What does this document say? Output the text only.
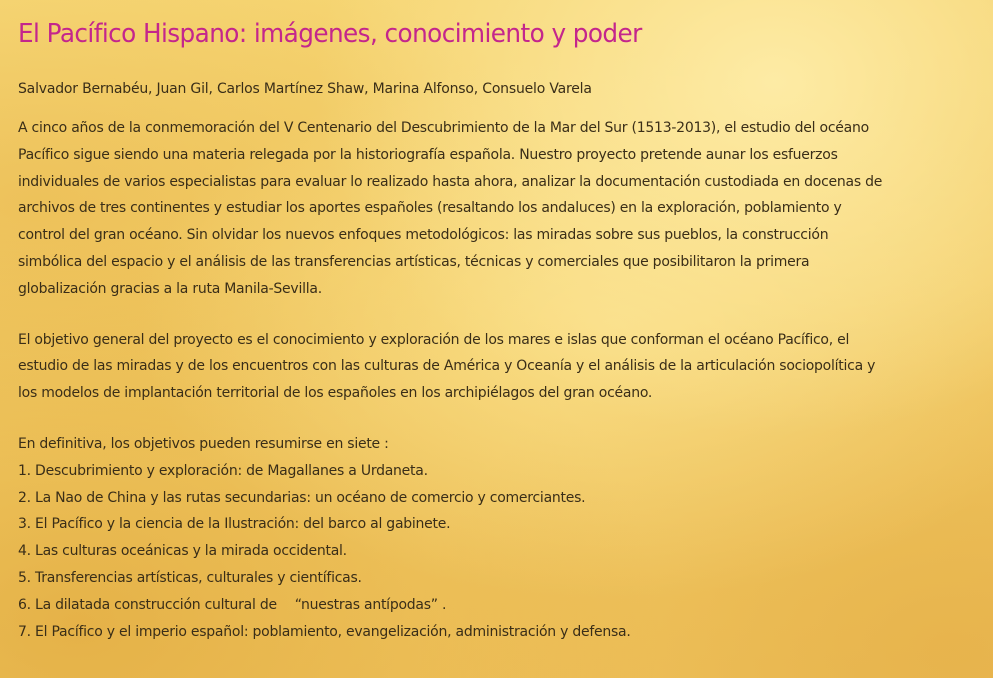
El Pacífico Hispano: imágenes, conocimiento y poder

Salvador Bernabéu, Juan Gil, Carlos Martínez Shaw, Marina Alfonso, Consuelo Varela

A cinco años de la conmemoración del V Centenario del Descubrimiento de la Mar del Sur (1513-2013), el estudio del océano
Pacífico sigue siendo una materia relegada por la historiografía española. Nuestro proyecto pretende aunar los esfuerzos
individuales de varios especialistas para evaluar lo realizado hasta ahora, analizar la documentación custodiada en docenas de
archivos de tres continentes y estudiar los aportes españoles (resaltando los andaluces) en la exploración, poblamiento y
control del gran océano. Sin olvidar los nuevos enfoques metodológicos: las miradas sobre sus pueblos, la construcción
simbólica del espacio y el análisis de las transferencias artísticas, técnicas y comerciales que posibilitaron la primera
globalización gracias a la ruta Manila-Sevilla.

El objetivo general del proyecto es el conocimiento y exploración de los mares e islas que conforman el océano Pacífico, el
estudio de las miradas y de los encuentros con las culturas de América y Oceanía y el análisis de la articulación sociopolítica y
los modelos de implantación territorial de los españoles en los archipiélagos del gran océano.

En definitiva, los objetivos pueden resumirse en siete :

1. Descubrimiento y exploración: de Magallanes a Urdaneta.
2. La Nao de China y las rutas secundarias: un océano de comercio y comerciantes.
3. El Pacífico y la ciencia de la Ilustración: del barco al gabinete.
4. Las culturas oceánicas y la mirada occidental.
5. Transferencias artísticas, culturales y científicas.
6. La dilatada construcción cultural de 　“nuestras antípodas” .
7. El Pacífico y el imperio español: poblamiento, evangelización, administración y defensa.
